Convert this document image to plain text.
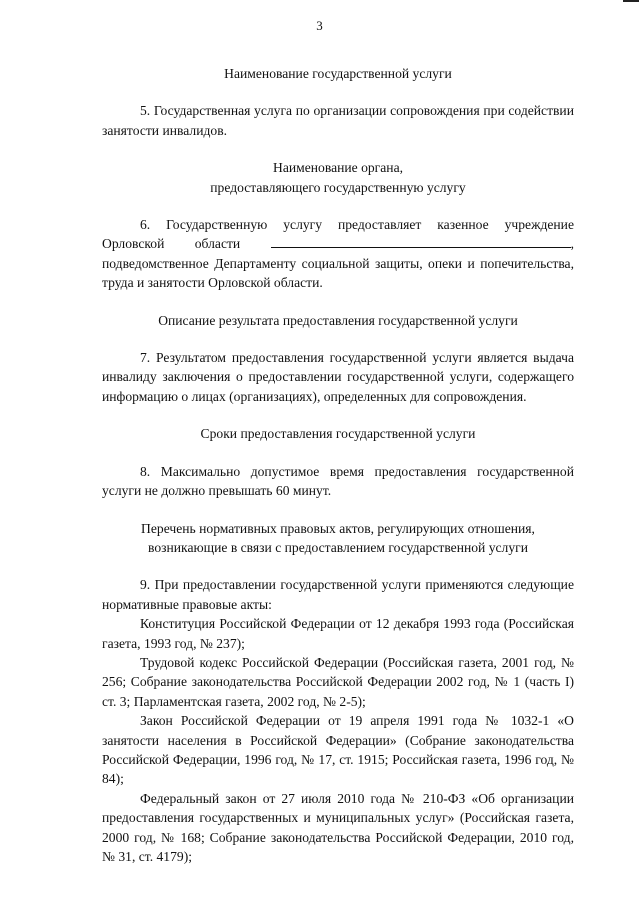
3

Наименование государственной услуги

5. Государственная услуга по организации сопровождения при содействии занятости инвалидов.

Наименование органа,

предоставляющего государственную услугу

6. Государственную услугу предоставляет казенное учреждение Орловской области	, подведомственное Департаменту социальной защиты, опеки и попечительства, труда и занятости Орловской области.

Описание результата предоставления государственной услуги

7. Результатом предоставления государственной услуги является выдача инвалиду заключения о предоставлении государственной услуги, содержащего информацию о лицах (организациях), определенных для сопровождения.

Сроки предоставления государственной услуги

8. Максимально допустимое время предоставления государственной услуги не должно превышать 60 минут.

Перечень нормативных правовых актов, регулирующих отношения,

возникающие в связи с предоставлением государственной услуги

9. При предоставлении государственной услуги применяются следующие нормативные правовые акты:

Конституция Российской Федерации от 12 декабря 1993 года (Российская газета, 1993 год, № 237);

Трудовой кодекс Российской Федерации (Российская газета, 2001 год, № 256; Собрание законодательства Российской Федерации 2002 год, № 1 (часть I) ст. 3; Парламентская газета, 2002 год, № 2-5);

Закон Российской Федерации от 19 апреля 1991 года № 1032-1 «О занятости населения в Российской Федерации» (Собрание законодательства Российской Федерации, 1996 год, № 17, ст. 1915; Российская газета, 1996 год, № 84);

Федеральный закон от 27 июля 2010 года № 210-ФЗ «Об организации предоставления государственных и муниципальных услуг» (Российская газета, 2000 год, № 168; Собрание законодательства Российской Федерации, 2010 год, № 31, ст. 4179);
